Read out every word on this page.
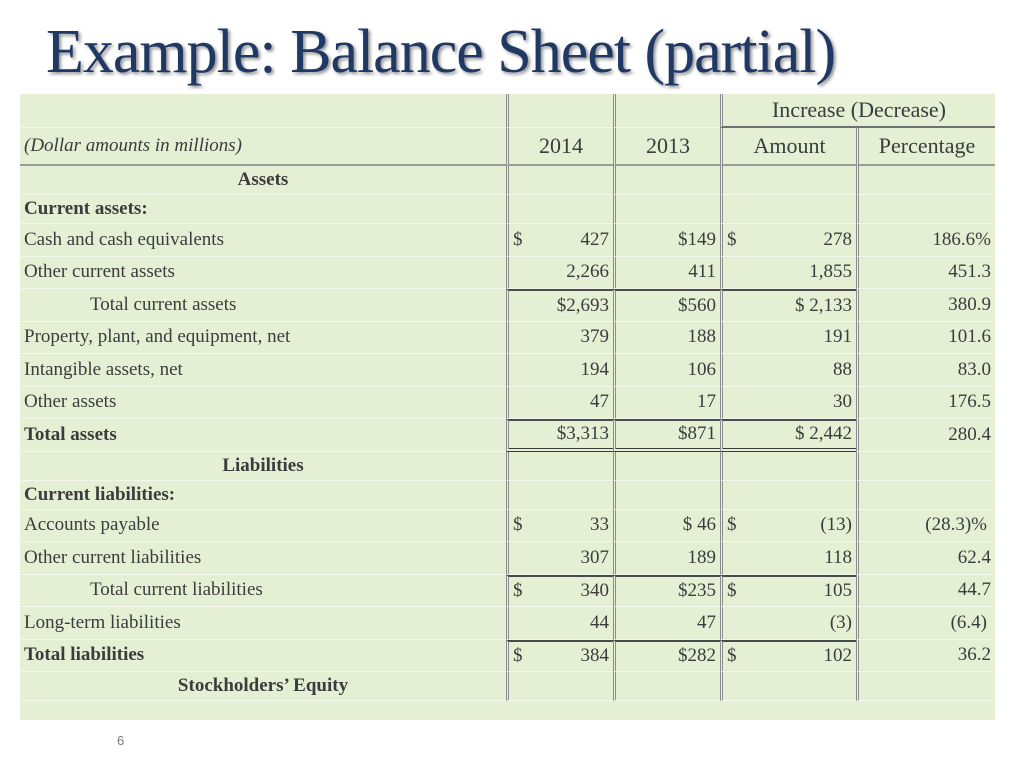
Example: Balance Sheet (partial)
			Increase (Decrease)	
(Dollar amounts in millions)	2014	2013	Amount	Percentage
Assets				
Current assets:				
Cash and cash equivalents	$ 427	$149	$ 278	186.6%
Other current assets	2,266	411	1,855	451.3
Total current assets	$2,693	$560	$ 2,133	380.9
Property, plant, and equipment, net	379	188	191	101.6
Intangible assets, net	194	106	88	83.0
Other assets	47	17	30	176.5
Total assets	$3,313	$871	$ 2,442	280.4
Liabilities				
Current liabilities:				
Accounts payable	$ 33	$ 46	$ (13)	(28.3)%
Other current liabilities	307	189	118	62.4
Total current liabilities	$ 340	$235	$ 105	44.7
Long-term liabilities	44	47	(3)	(6.4)
Total liabilities	$ 384	$282	$ 102	36.2
Stockholders’ Equity				
6
